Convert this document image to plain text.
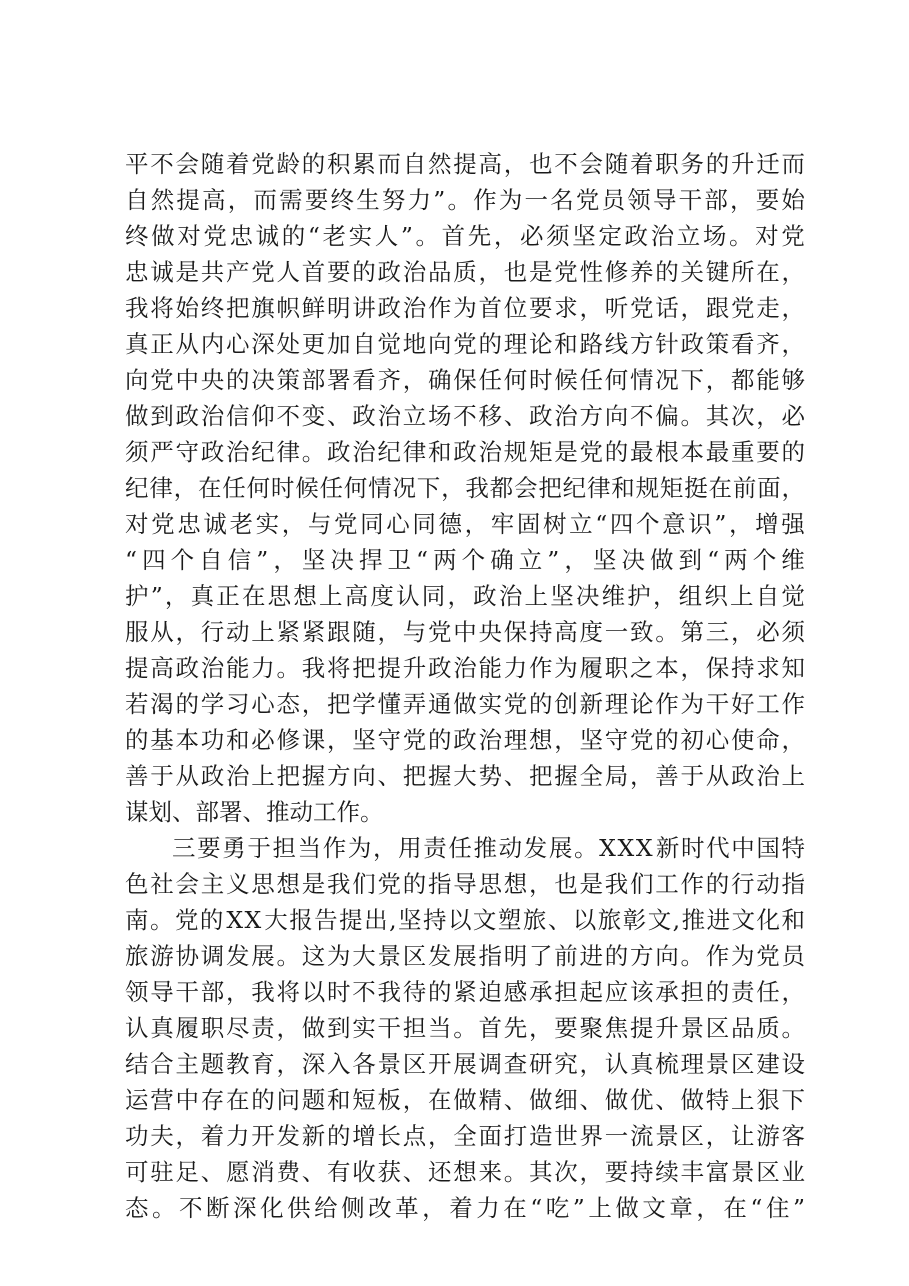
平 不 会 随 着 党 龄 的 积 累 而 自 然 提 高 ， 也 不 会 随 着 职 务 的 升 迁 而
自 然 提 高 ， 而 需 要 终 生 努 力 ” 。 作 为 一 名 党 员 领 导 干 部 ， 要 始
终 做 对 党 忠 诚 的 “ 老 实 人 ” 。 首 先 ， 必 须 坚 定 政 治 立 场 。 对 党
忠 诚 是 共 产 党 人 首 要 的 政 治 品 质 ， 也 是 党 性 修 养 的 关 键 所 在 ，
我 将 始 终 把 旗 帜 鲜 明 讲 政 治 作 为 首 位 要 求 ， 听 党 话 ， 跟 党 走 ，
真 正 从 内 心 深 处 更 加 自 觉 地 向 党 的 理 论 和 路 线 方 针 政 策 看 齐 ，
向 党 中 央 的 决 策 部 署 看 齐 ， 确 保 任 何 时 候 任 何 情 况 下 ， 都 能 够
做 到 政 治 信 仰 不 变 、 政 治 立 场 不 移 、 政 治 方 向 不 偏 。 其 次 ， 必
须 严 守 政 治 纪 律 。 政 治 纪 律 和 政 治 规 矩 是 党 的 最 根 本 最 重 要 的
纪 律 ， 在 任 何 时 候 任 何 情 况 下 ， 我 都 会 把 纪 律 和 规 矩 挺 在 前 面 ，
对 党 忠 诚 老 实 ， 与 党 同 心 同 德 ， 牢 固 树 立 “ 四 个 意 识 ” ， 增 强
“ 四 个 自 信 ” ， 坚 决 捍 卫 “ 两 个 确 立 ” ， 坚 决 做 到 “ 两 个 维
护 ” ， 真 正 在 思 想 上 高 度 认 同 ， 政 治 上 坚 决 维 护 ， 组 织 上 自 觉
服 从 ， 行 动 上 紧 紧 跟 随 ， 与 党 中 央 保 持 高 度 一 致 。 第 三 ， 必 须
提 高 政 治 能 力 。 我 将 把 提 升 政 治 能 力 作 为 履 职 之 本 ， 保 持 求 知
若 渴 的 学 习 心 态 ， 把 学 懂 弄 通 做 实 党 的 创 新 理 论 作 为 干 好 工 作
的 基 本 功 和 必 修 课 ， 坚 守 党 的 政 治 理 想 ， 坚 守 党 的 初 心 使 命 ，
善 于 从 政 治 上 把 握 方 向 、 把 握 大 势 、 把 握 全 局 ， 善 于 从 政 治 上
谋划、部署、推动工作。
三 要 勇 于 担 当 作 为 ， 用 责 任 推 动 发 展 。 X X X 新 时 代 中 国 特
色 社 会 主 义 思 想 是 我 们 党 的 指 导 思 想 ， 也 是 我 们 工 作 的 行 动 指
南 。 党 的 X X 大 报 告 提 出 , 坚 持 以 文 塑 旅 、 以 旅 彰 文 , 推 进 文 化 和
旅 游 协 调 发 展 。 这 为 大 景 区 发 展 指 明 了 前 进 的 方 向 。 作 为 党 员
领 导 干 部 ， 我 将 以 时 不 我 待 的 紧 迫 感 承 担 起 应 该 承 担 的 责 任 ，
认 真 履 职 尽 责 ， 做 到 实 干 担 当 。 首 先 ， 要 聚 焦 提 升 景 区 品 质 。
结 合 主 题 教 育 ， 深 入 各 景 区 开 展 调 查 研 究 ， 认 真 梳 理 景 区 建 设
运 营 中 存 在 的 问 题 和 短 板 ， 在 做 精 、 做 细 、 做 优 、 做 特 上 狠 下
功 夫 ， 着 力 开 发 新 的 增 长 点 ， 全 面 打 造 世 界 一 流 景 区 ， 让 游 客
可 驻 足 、 愿 消 费 、 有 收 获 、 还 想 来 。 其 次 ， 要 持 续 丰 富 景 区 业
态 。 不 断 深 化 供 给 侧 改 革 ， 着 力 在 “ 吃 ” 上 做 文 章 ， 在 “ 住 ”
